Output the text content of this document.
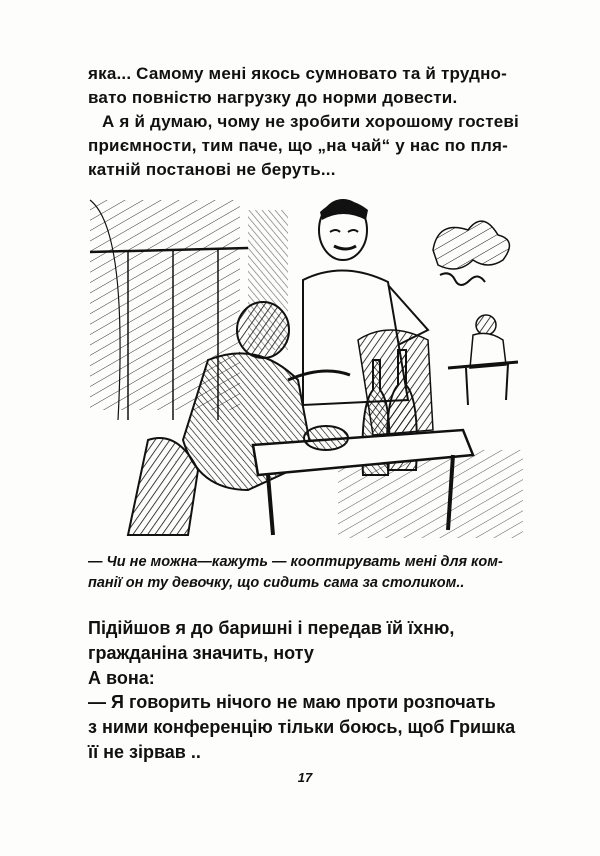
яка... Самому мені якось сумновато та й трудно-
вато повністю нагрузку до норми довести.
А я й думаю, чому не зробити хорошому гостеві
приємности, тим паче, що „на чай“ у нас по пля-
катній постанові не беруть...
— Чи не можна—кажуть — кооптирувать мені для ком-
панії он ту девочку, що сидить сама за столиком..
Підійшов я до баришні і передав їй їхню,
гражданіна значить, ноту
А вона:
— Я говорить нічого не маю проти розпочать
з ними конференцію тільки боюсь, щоб Гришка
її не зірвав ..
17
